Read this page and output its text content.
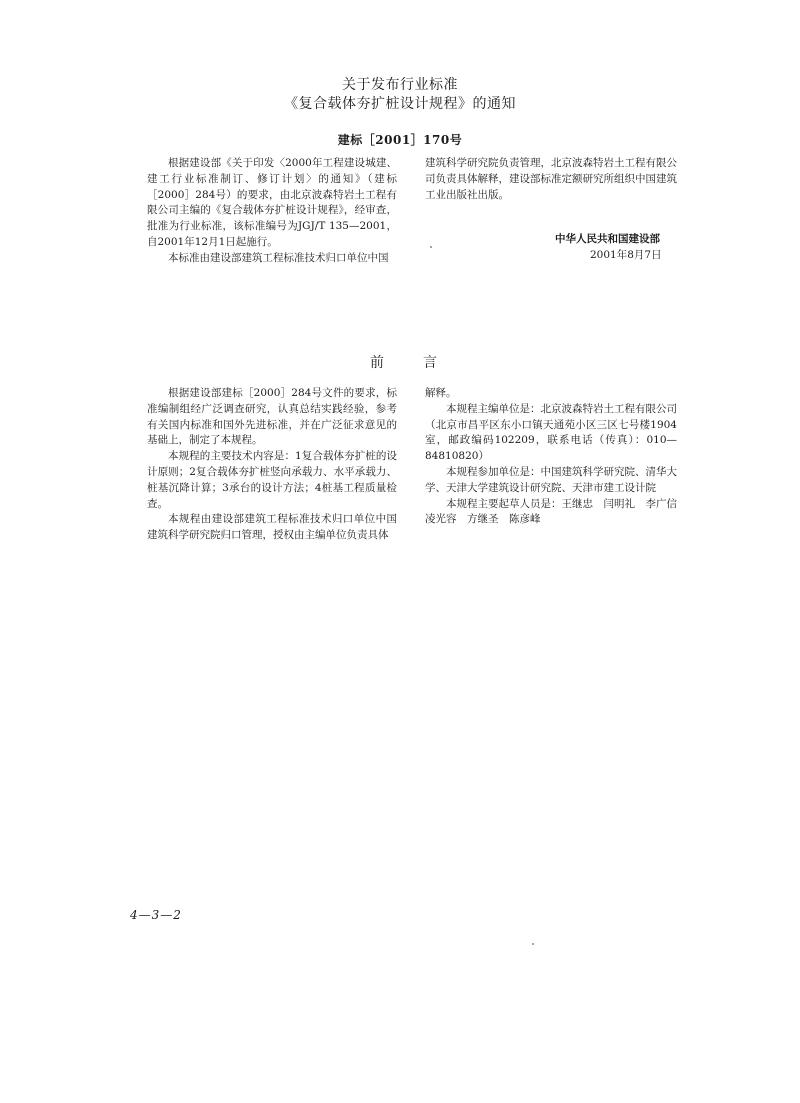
关于发布行业标准
《复合载体夯扩桩设计规程》的通知
建标［2001］170号

根据建设部《关于印发〈2000年工程建设城建、建工行业标准制订、修订计划〉的通知》（建标［2000］284号）的要求，由北京波森特岩土工程有限公司主编的《复合载体夯扩桩设计规程》，经审查，批准为行业标准，该标准编号为JGJ/T 135—2001，自2001年12月1日起施行。

本标准由建设部建筑工程标准技术归口单位中国

建筑科学研究院负责管理，北京波森特岩土工程有限公司负责具体解释，建设部标准定额研究所组织中国建筑工业出版社出版。

中华人民共和国建设部
2001年8月7日
前	言

根据建设部建标［2000］284号文件的要求，标准编制组经广泛调查研究，认真总结实践经验，参考有关国内标准和国外先进标准，并在广泛征求意见的基础上，制定了本规程。

本规程的主要技术内容是：1复合载体夯扩桩的设计原则；2复合载体夯扩桩竖向承载力、水平承载力、桩基沉降计算；3承台的设计方法；4桩基工程质量检查。

本规程由建设部建筑工程标准技术归口单位中国建筑科学研究院归口管理，授权由主编单位负责具体

解释。

本规程主编单位是：北京波森特岩土工程有限公司（北京市昌平区东小口镇天通苑小区三区七号楼1904室，邮政编码102209，联系电话（传真）：010—84810820）

本规程参加单位是：中国建筑科学研究院、清华大学、天津大学建筑设计研究院、天津市建工设计院

本规程主要起草人员是：王继忠　闫明礼　李广信　凌光容　方继圣　陈彦峰

4—3—2
